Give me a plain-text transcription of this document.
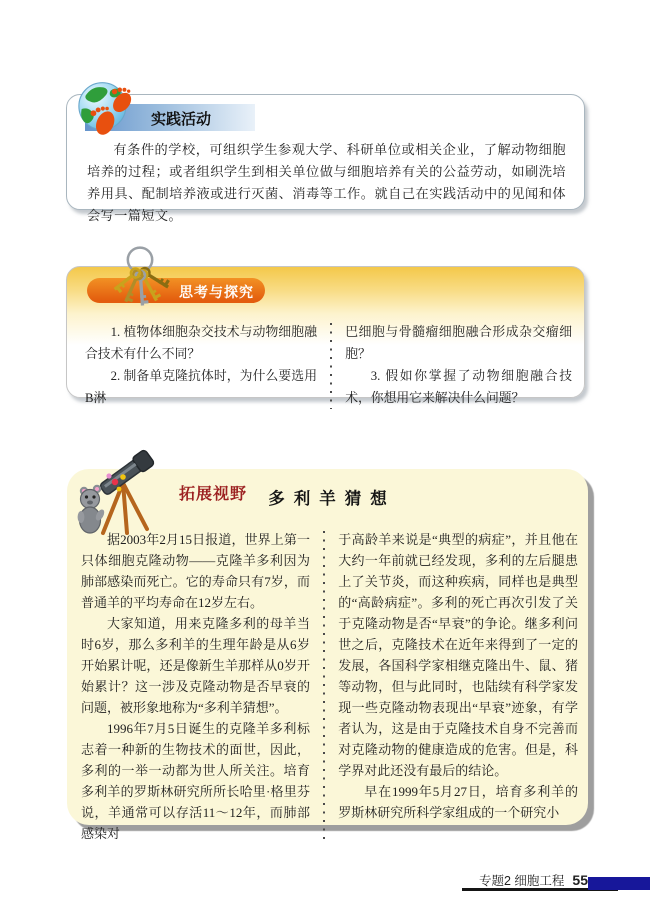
实践活动

有条件的学校，可组织学生参观大学、科研单位或相关企业，了解动物细胞培养的过程；或者组织学生到相关单位做与细胞培养有关的公益劳动，如刷洗培养用具、配制培养液或进行灭菌、消毒等工作。就自己在实践活动中的见闻和体会写一篇短文。

思考与探究

1. 植物体细胞杂交技术与动物细胞融合技术有什么不同？

2. 制备单克隆抗体时，为什么要选用B淋

巴细胞与骨髓瘤细胞融合形成杂交瘤细胞？

3. 假如你掌握了动物细胞融合技术，你想用它来解决什么问题？

拓展视野	多利羊猜想

据2003年2月15日报道，世界上第一只体细胞克隆动物——克隆羊多利因为肺部感染而死亡。它的寿命只有7岁，而普通羊的平均寿命在12岁左右。

大家知道，用来克隆多利的母羊当时6岁，那么多利羊的生理年龄是从6岁开始累计呢，还是像新生羊那样从0岁开始累计？这一涉及克隆动物是否早衰的问题，被形象地称为“多利羊猜想”。

1996年7月5日诞生的克隆羊多利标志着一种新的生物技术的面世，因此，多利的一举一动都为世人所关注。培育多利羊的罗斯林研究所所长哈里·格里芬说，羊通常可以存活11～12年，而肺部感染对

于高龄羊来说是“典型的病症”，并且他在大约一年前就已经发现，多利的左后腿患上了关节炎，而这种疾病，同样也是典型的“高龄病症”。多利的死亡再次引发了关于克隆动物是否“早衰”的争论。继多利问世之后，克隆技术在近年来得到了一定的发展，各国科学家相继克隆出牛、鼠、猪等动物，但与此同时，也陆续有科学家发现一些克隆动物表现出“早衰”迹象，有学者认为，这是由于克隆技术自身不完善而对克隆动物的健康造成的危害。但是，科学界对此还没有最后的结论。

早在1999年5月27日，培育多利羊的罗斯林研究所科学家组成的一个研究小

专题2 细胞工程 55
